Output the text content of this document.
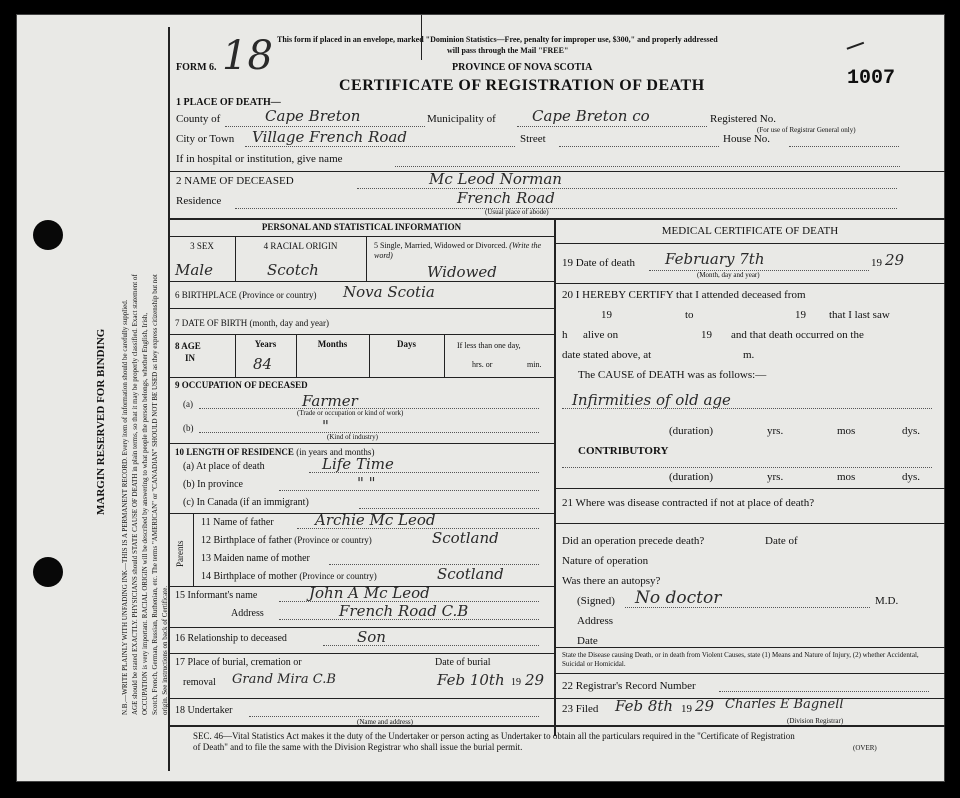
MARGIN RESERVED FOR BINDING N.B.—WRITE PLAINLY WITH UNFADING INK—THIS IS A PERMANENT RECORD. Every item of information should be carefully supplied. AGE should be stated EXACTLY. PHYSICIANS should STATE CAUSE OF DEATH in plain terms, so that it may be properly classified. Exact statement of OCCUPATION is very important. RACIAL ORIGIN will be described by answering to what people the person belongs, whether English, Irish, Scotch, French, German, Russian, Ruthenian, etc. The terms "AMERICAN" or "CANADIAN" SHOULD NOT BE USED as they express citizenship but not origin. See instructions on back of Certificate.
This form if placed in an envelope, marked "Dominion Statistics—Free, penalty for improper use, $300," and properly addressed
will pass through the Mail "FREE"
FORM 6. 18	PROVINCE OF NOVA SCOTIA
CERTIFICATE OF REGISTRATION OF DEATH	1007
1 PLACE OF DEATH—
County of	Cape Breton	Municipality of Cape Breton co	Registered No.
(For use of Registrar General only)
City or Town Village French Road	Street	House No.
If in hospital or institution, give name
2 NAME OF DECEASED	Mc Leod Norman
Residence	French Road
(Usual place of abode)
PERSONAL AND STATISTICAL INFORMATION
3 SEX	4 RACIAL ORIGIN	5 Single, Married, Widowed or Divorced. (Write the word)
Male	Scotch	Widowed
6 BIRTHPLACE (Province or country) Nova Scotia
7 DATE OF BIRTH (month, day and year)
8 AGE
IN
Years	Months	Days
84
If less than one day,
hrs. or	min.
9 OCCUPATION OF DECEASED
(a)	Farmer
(Trade or occupation or kind of work)
(b)	"
(Kind of industry)
10 LENGTH OF RESIDENCE (in years and months)
(a) At place of death	Life Time
(b) In province	" "
(c) In Canada (if an immigrant)
Parents
11 Name of father	Archie Mc Leod
12 Birthplace of father (Province or country)	Scotland
13 Maiden name of mother
14 Birthplace of mother (Province or country)	Scotland
15 Informant's name	John A Mc Leod
Address	French Road C.B
16 Relationship to deceased	Son
17 Place of burial, cremation or
removal Grand Mira C.B
Date of burial
Feb 10th 19 29
18 Undertaker
(Name and address)
MEDICAL CERTIFICATE OF DEATH
19 Date of death February 7th
(Month, day and year)
19 29
20 I HEREBY CERTIFY that I attended deceased from
19	to	19 that I last saw
h alive on	19 and that death occurred on the
date stated above, at	m.
The CAUSE of DEATH was as follows:—
Infirmities of old age
(duration)	yrs.	mos	dys.
CONTRIBUTORY
(duration)	yrs.	mos	dys.
21 Where was disease contracted if not at place of death?
Did an operation precede death?	Date of
Nature of operation
Was there an autopsy?
(Signed) No doctor	M.D.
Address
Date
State the Disease causing Death, or in death from Violent Causes, state (1) Means and Nature of Injury, (2) whether Accidental, Suicidal or Homicidal.
22 Registrar's Record Number
23 Filed Feb 8th 19 29 Charles E Bagnell
(Division Registrar)
SEC. 46—Vital Statistics Act makes it the duty of the Undertaker or person acting as Undertaker to obtain all the particulars required in the "Certificate of Registration
of Death" and to file the same with the Division Registrar who shall issue the burial permit.	(OVER)
